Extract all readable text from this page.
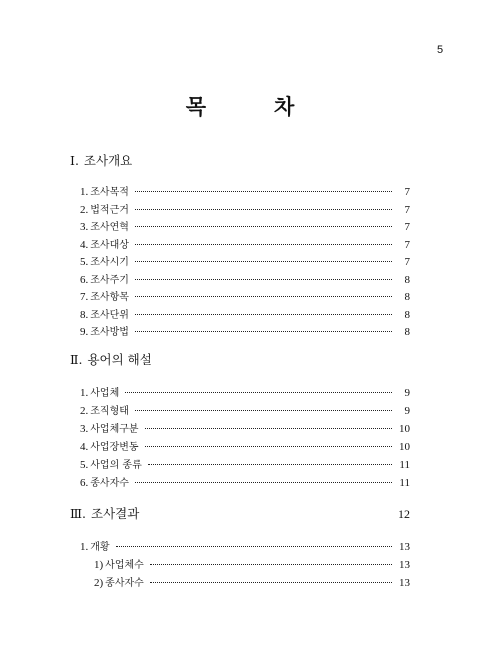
5
목	차
Ⅰ. 조사개요
1. 조사목적	7
2. 법적근거	7
3. 조사연혁	7
4. 조사대상	7
5. 조사시기	7
6. 조사주기	8
7. 조사항목	8
8. 조사단위	8
9. 조사방법	8
Ⅱ. 용어의 해설
1. 사업체	9
2. 조직형태	9
3. 사업체구분	10
4. 사업장변동	10
5. 사업의 종류	11
6. 종사자수	11
Ⅲ. 조사결과	12
1. 개황	13
1) 사업체수	13
2) 종사자수	13
